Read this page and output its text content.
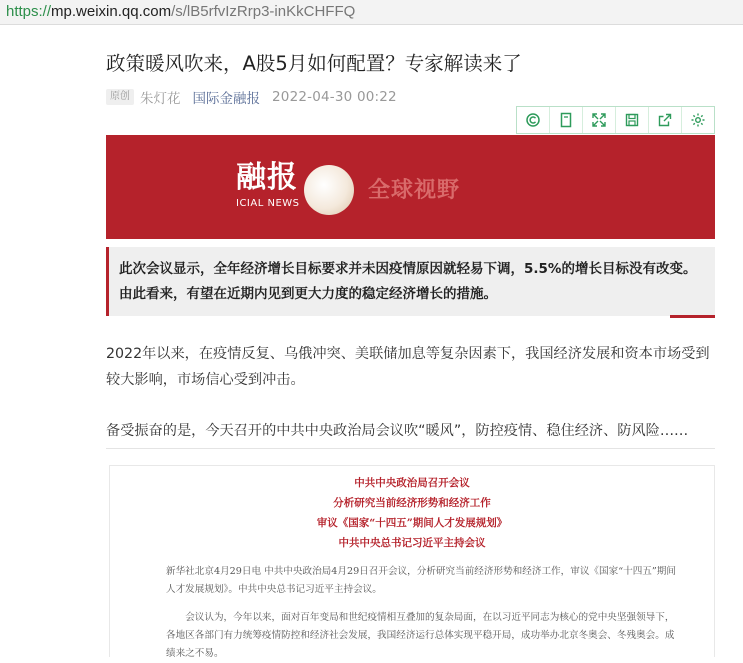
https://mp.weixin.qq.com/s/lB5rfvIzRrp3-inKkCHFFQ
政策暖风吹来，A股5月如何配置？专家解读来了
原创 朱灯花 国际金融报 2022-04-30 00:22
融报
ICIAL NEWS
全球视野
此次会议显示，全年经济增长目标要求并未因疫情原因就轻易下调，5.5%的增长目标没有改变。由此看来，有望在近期内见到更大力度的稳定经济增长的措施。
2022年以来，在疫情反复、乌俄冲突、美联储加息等复杂因素下，我国经济发展和资本市场受到较大影响，市场信心受到冲击。
备受振奋的是，今天召开的中共中央政治局会议吹“暖风”，防控疫情、稳住经济、防风险……
中共中央政治局召开会议
分析研究当前经济形势和经济工作
审议《国家“十四五”期间人才发展规划》
中共中央总书记习近平主持会议
新华社北京4月29日电 中共中央政治局4月29日召开会议，分析研究当前经济形势和经济工作，审议《国家“十四五”期间人才发展规划》。中共中央总书记习近平主持会议。
会议认为，今年以来，面对百年变局和世纪疫情相互叠加的复杂局面，在以习近平同志为核心的党中央坚强领导下，各地区各部门有力统筹疫情防控和经济社会发展，我国经济运行总体实现平稳开局，成功举办北京冬奥会、冬残奥会。成绩来之不易。
